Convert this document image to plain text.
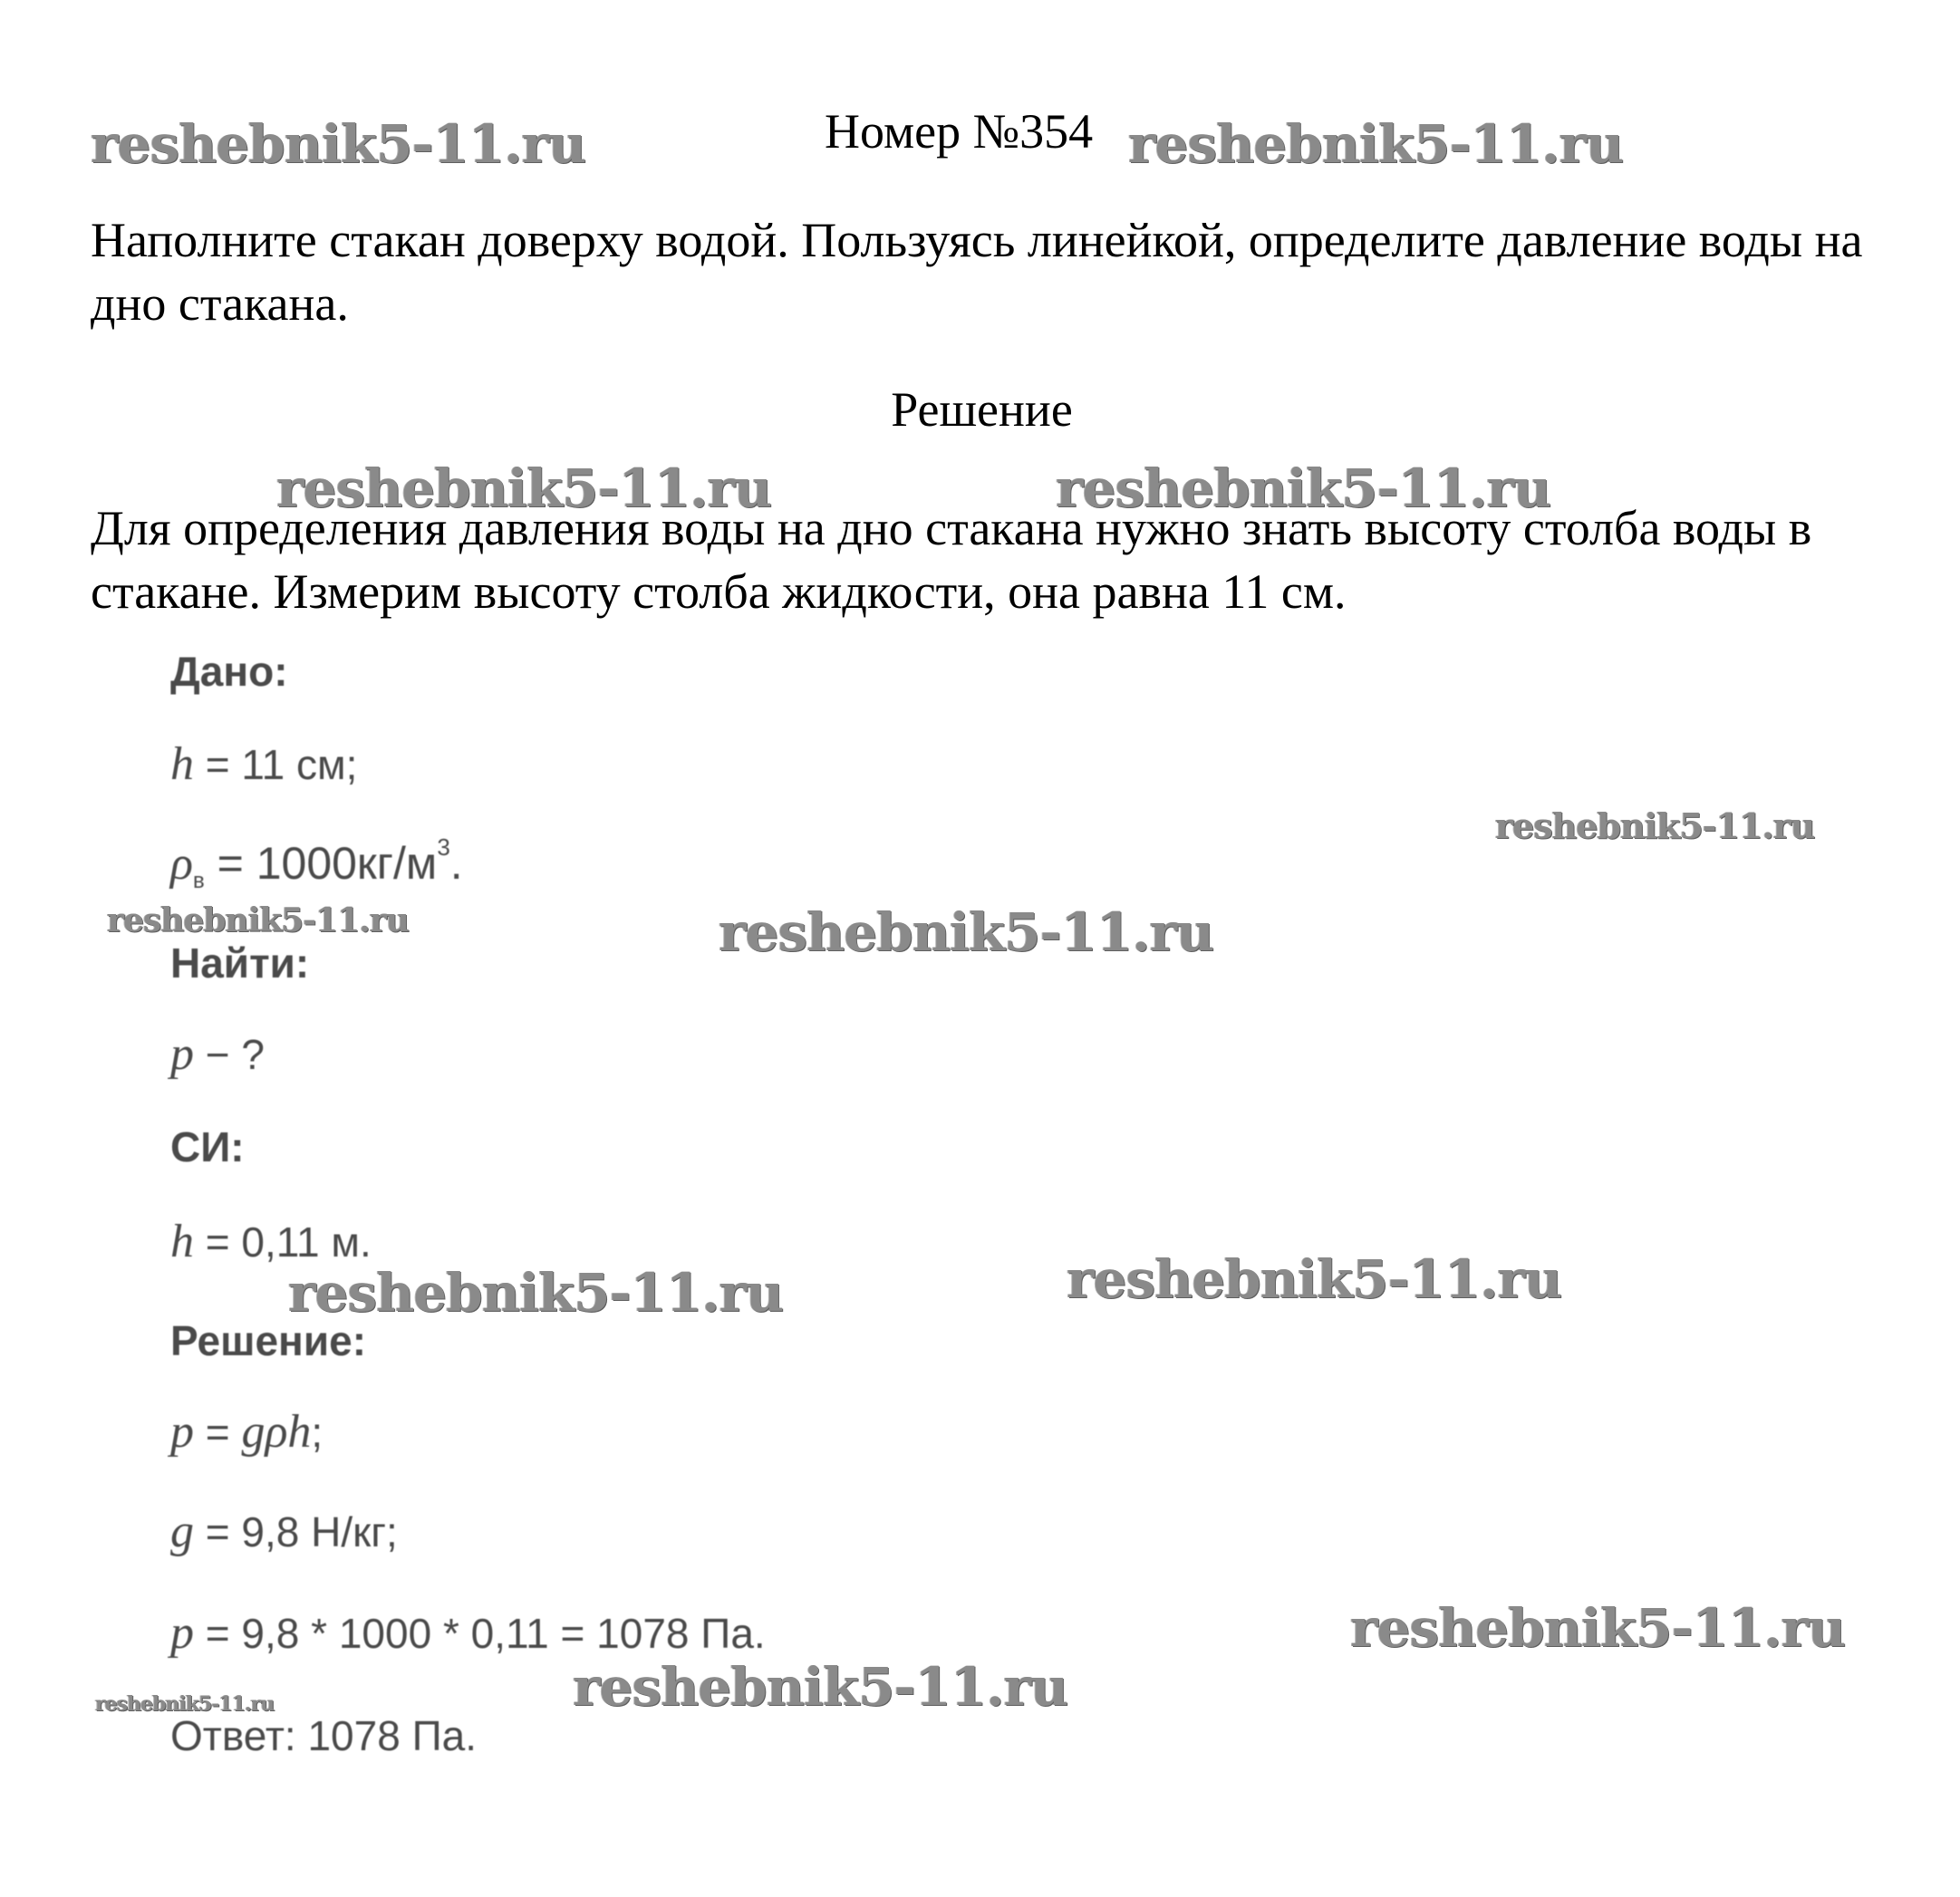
Номер №354
Наполните стакан доверху водой. Пользуясь линейкой, определите давление воды на дно стакана.
Решение
Для определения давления воды на дно стакана нужно знать высоту столба воды в стакане. Измерим высоту столба жидкости, она равна 11 см.
Дано:
h = 11 см;
$\rho_в = 1000кг/м^3$.
Найти:
p − ?
СИ:
h = 0,11 м.
Решение:
p = gρh;
g = 9,8 Н/кг;
p = 9,8 * 1000 * 0,11 = 1078 Па.
Ответ: 1078 Па.
reshebnik5-11.ru	reshebnik5-11.ru
reshebnik5-11.ru	reshebnik5-11.ru
reshebnik5-11.ru
reshebnik5-11.ru	reshebnik5-11.ru
reshebnik5-11.ru	reshebnik5-11.ru
reshebnik5-11.ru
reshebnik5-11.ru
reshebnik5-11.ru
